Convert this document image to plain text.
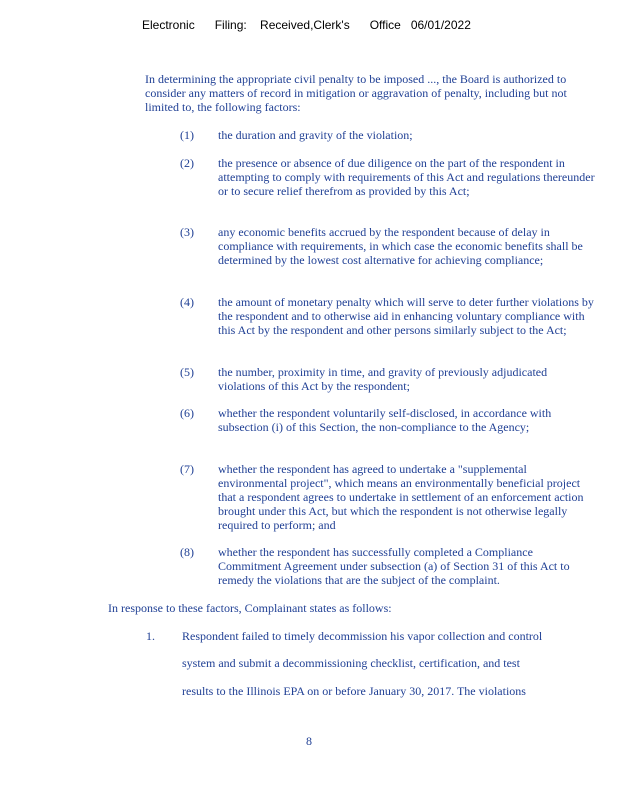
Electronic      Filing:    Received,Clerk's      Office   06/01/2022
In determining the appropriate civil penalty to be imposed ..., the Board is authorized to consider any matters of record in mitigation or aggravation of penalty, including but not limited to, the following factors:
(1) the duration and gravity of the violation;
(2) the presence or absence of due diligence on the part of the respondent in attempting to comply with requirements of this Act and regulations thereunder or to secure relief therefrom as provided by this Act;
(3) any economic benefits accrued by the respondent because of delay in compliance with requirements, in which case the economic benefits shall be determined by the lowest cost alternative for achieving compliance;
(4) the amount of monetary penalty which will serve to deter further violations by the respondent and to otherwise aid in enhancing voluntary compliance with this Act by the respondent and other persons similarly subject to the Act;
(5) the number, proximity in time, and gravity of previously adjudicated violations of this Act by the respondent;
(6) whether the respondent voluntarily self-disclosed, in accordance with subsection (i) of this Section, the non-compliance to the Agency;
(7) whether the respondent has agreed to undertake a "supplemental environmental project", which means an environmentally beneficial project that a respondent agrees to undertake in settlement of an enforcement action brought under this Act, but which the respondent is not otherwise legally required to perform; and
(8) whether the respondent has successfully completed a Compliance Commitment Agreement under subsection (a) of Section 31 of this Act to remedy the violations that are the subject of the complaint.
In response to these factors, Complainant states as follows:
1. Respondent failed to timely decommission his vapor collection and control
system and submit a decommissioning checklist, certification, and test
results to the Illinois EPA on or before January 30, 2017. The violations
8
